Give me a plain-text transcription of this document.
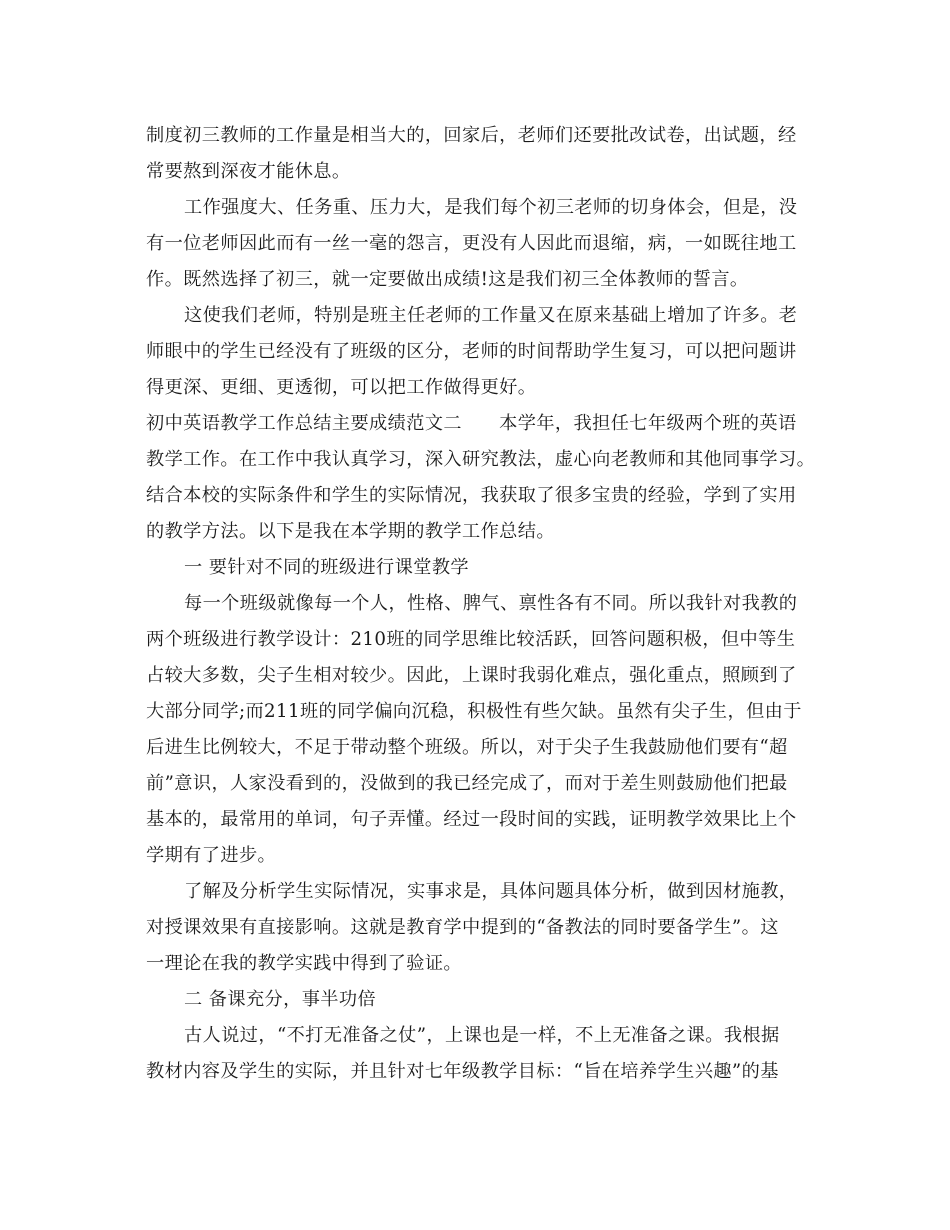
制度初三教师的工作量是相当大的，回家后，老师们还要批改试卷，出试题，经
常要熬到深夜才能休息。
工作强度大、任务重、压力大，是我们每个初三老师的切身体会，但是，没
有一位老师因此而有一丝一毫的怨言，更没有人因此而退缩，病，一如既往地工
作。既然选择了初三，就一定要做出成绩!这是我们初三全体教师的誓言。
这使我们老师，特别是班主任老师的工作量又在原来基础上增加了许多。老
师眼中的学生已经没有了班级的区分，老师的时间帮助学生复习，可以把问题讲
得更深、更细、更透彻，可以把工作做得更好。
初中英语教学工作总结主要成绩范文二　　本学年，我担任七年级两个班的英语
教学工作。在工作中我认真学习，深入研究教法，虚心向老教师和其他同事学习。
结合本校的实际条件和学生的实际情况，我获取了很多宝贵的经验，学到了实用
的教学方法。以下是我在本学期的教学工作总结。
一 要针对不同的班级进行课堂教学
每一个班级就像每一个人，性格、脾气、禀性各有不同。所以我针对我教的
两个班级进行教学设计：210班的同学思维比较活跃，回答问题积极，但中等生
占较大多数，尖子生相对较少。因此，上课时我弱化难点，强化重点，照顾到了
大部分同学;而211班的同学偏向沉稳，积极性有些欠缺。虽然有尖子生，但由于
后进生比例较大，不足于带动整个班级。所以，对于尖子生我鼓励他们要有“超
前”意识，人家没看到的，没做到的我已经完成了，而对于差生则鼓励他们把最
基本的，最常用的单词，句子弄懂。经过一段时间的实践，证明教学效果比上个
学期有了进步。
了解及分析学生实际情况，实事求是，具体问题具体分析，做到因材施教，
对授课效果有直接影响。这就是教育学中提到的“备教法的同时要备学生”。这
一理论在我的教学实践中得到了验证。
二 备课充分，事半功倍
古人说过，“不打无准备之仗”，上课也是一样，不上无准备之课。我根据
教材内容及学生的实际，并且针对七年级教学目标：“旨在培养学生兴趣”的基
